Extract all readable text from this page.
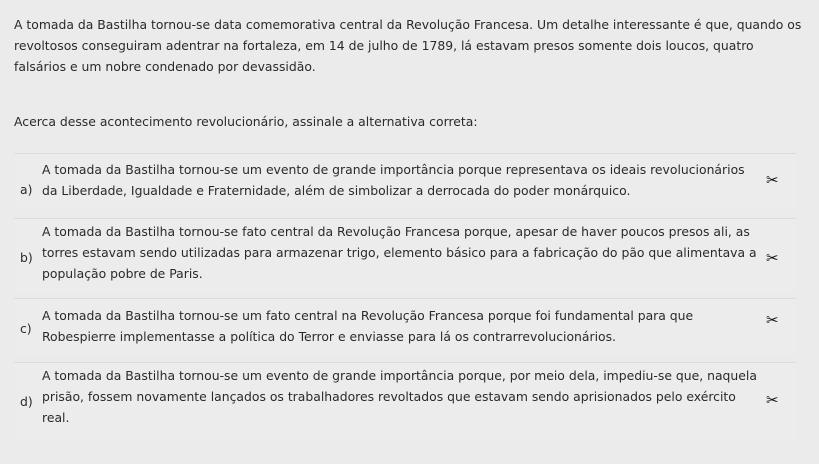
A tomada da Bastilha tornou-se data comemorativa central da Revolução Francesa. Um detalhe interessante é que, quando os revoltosos conseguiram adentrar na fortaleza, em 14 de julho de 1789, lá estavam presos somente dois loucos, quatro falsários e um nobre condenado por devassidão.

Acerca desse acontecimento revolucionário, assinale a alternativa correta:
a)
A tomada da Bastilha tornou-se um evento de grande importância porque representava os ideais revolucionários da Liberdade, Igualdade e Fraternidade, além de simbolizar a derrocada do poder monárquico.
✂
b)
A tomada da Bastilha tornou-se fato central da Revolução Francesa porque, apesar de haver poucos presos ali, as torres estavam sendo utilizadas para armazenar trigo, elemento básico para a fabricação do pão que alimentava a população pobre de Paris.
✂
c)
A tomada da Bastilha tornou-se um fato central na Revolução Francesa porque foi fundamental para que Robespierre implementasse a política do Terror e enviasse para lá os contrarrevolucionários.
✂
d)
A tomada da Bastilha tornou-se um evento de grande importância porque, por meio dela, impediu-se que, naquela prisão, fossem novamente lançados os trabalhadores revoltados que estavam sendo aprisionados pelo exército real.
✂
